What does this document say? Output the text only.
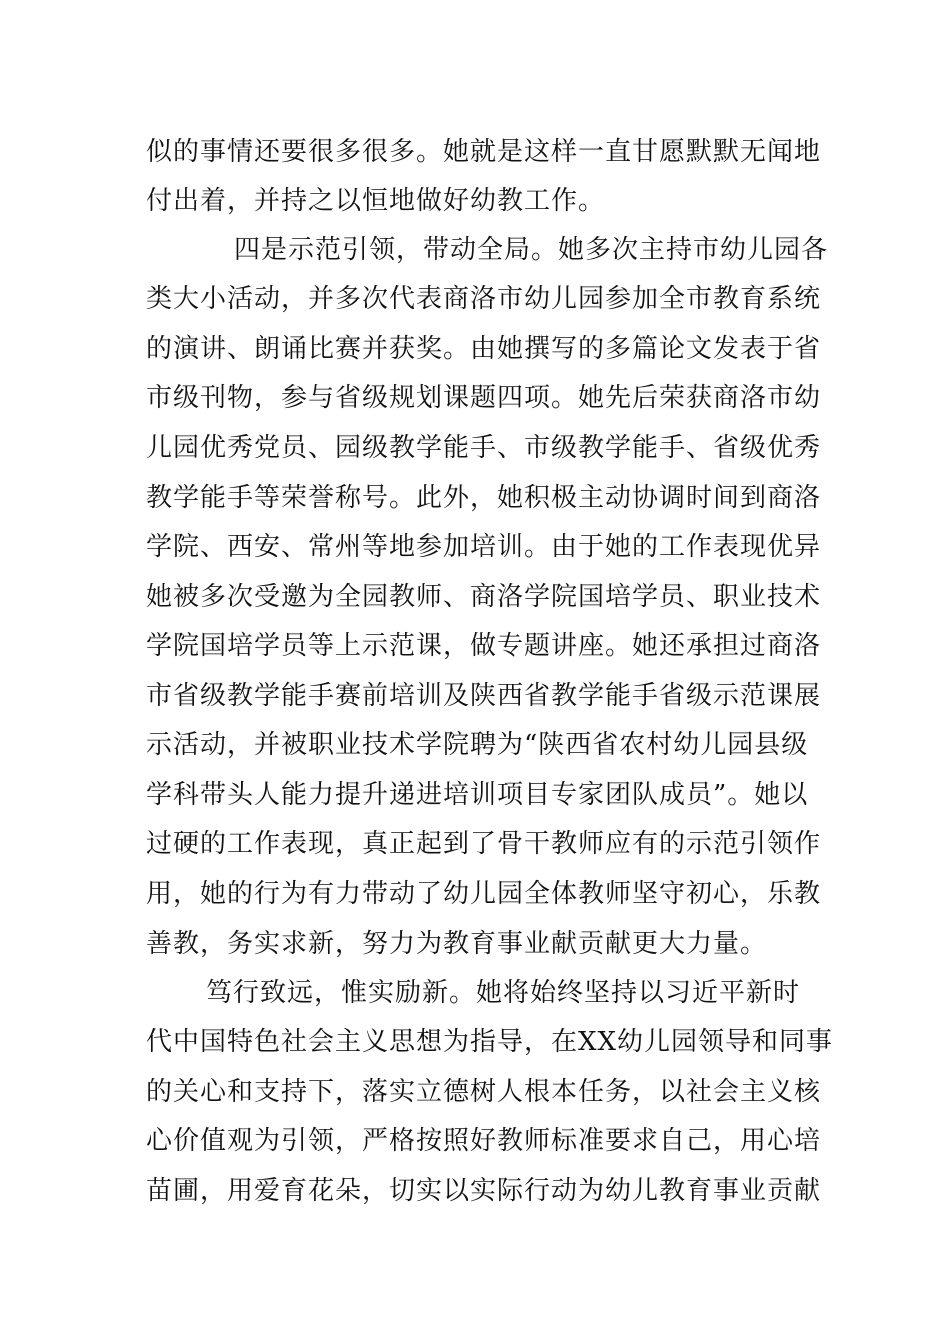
似的事情还要很多很多。她就是这样一直甘愿默默无闻地
付出着，并持之以恒地做好幼教工作。
四是示范引领，带动全局。她多次主持市幼儿园各
类大小活动，并多次代表商洛市幼儿园参加全市教育系统
的演讲、朗诵比赛并获奖。由她撰写的多篇论文发表于省
市级刊物，参与省级规划课题四项。她先后荣获商洛市幼
儿园优秀党员、园级教学能手、市级教学能手、省级优秀
教学能手等荣誉称号。此外，她积极主动协调时间到商洛
学院、西安、常州等地参加培训。由于她的工作表现优异
她被多次受邀为全园教师、商洛学院国培学员、职业技术
学院国培学员等上示范课，做专题讲座。她还承担过商洛
市省级教学能手赛前培训及陕西省教学能手省级示范课展
示活动，并被职业技术学院聘为“陕西省农村幼儿园县级
学科带头人能力提升递进培训项目专家团队成员”。她以
过硬的工作表现，真正起到了骨干教师应有的示范引领作
用，她的行为有力带动了幼儿园全体教师坚守初心，乐教
善教，务实求新，努力为教育事业献贡献更大力量。
笃行致远，惟实励新。她将始终坚持以习近平新时
代中国特色社会主义思想为指导，在XX幼儿园领导和同事
的关心和支持下，落实立德树人根本任务，以社会主义核
心价值观为引领，严格按照好教师标准要求自己，用心培
苗圃，用爱育花朵，切实以实际行动为幼儿教育事业贡献
